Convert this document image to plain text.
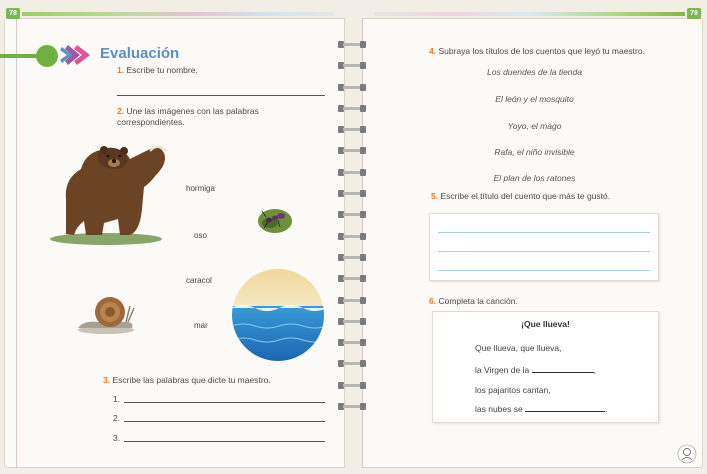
78	79
Evaluación
1. Escribe tu nombre.
2. Une las imágenes con las palabras
correspondientes.
hormiga
oso
caracol
mar
3. Escribe las palabras que dicte tu maestro.
1.
2.
3.
4. Subraya los títulos de los cuentos que leyó tu maestro.
Los duendes de la tienda
El león y el mosquito
Yoyo, el mago
Rafa, el niño invisible
El plan de los ratones
5. Escribe el título del cuento que más te gustó.
6. Completa la canción.
¡Que llueva!
Que llueva, que llueva,
la Virgen de la	,
los pajaritos cantan,
las nubes se	.
